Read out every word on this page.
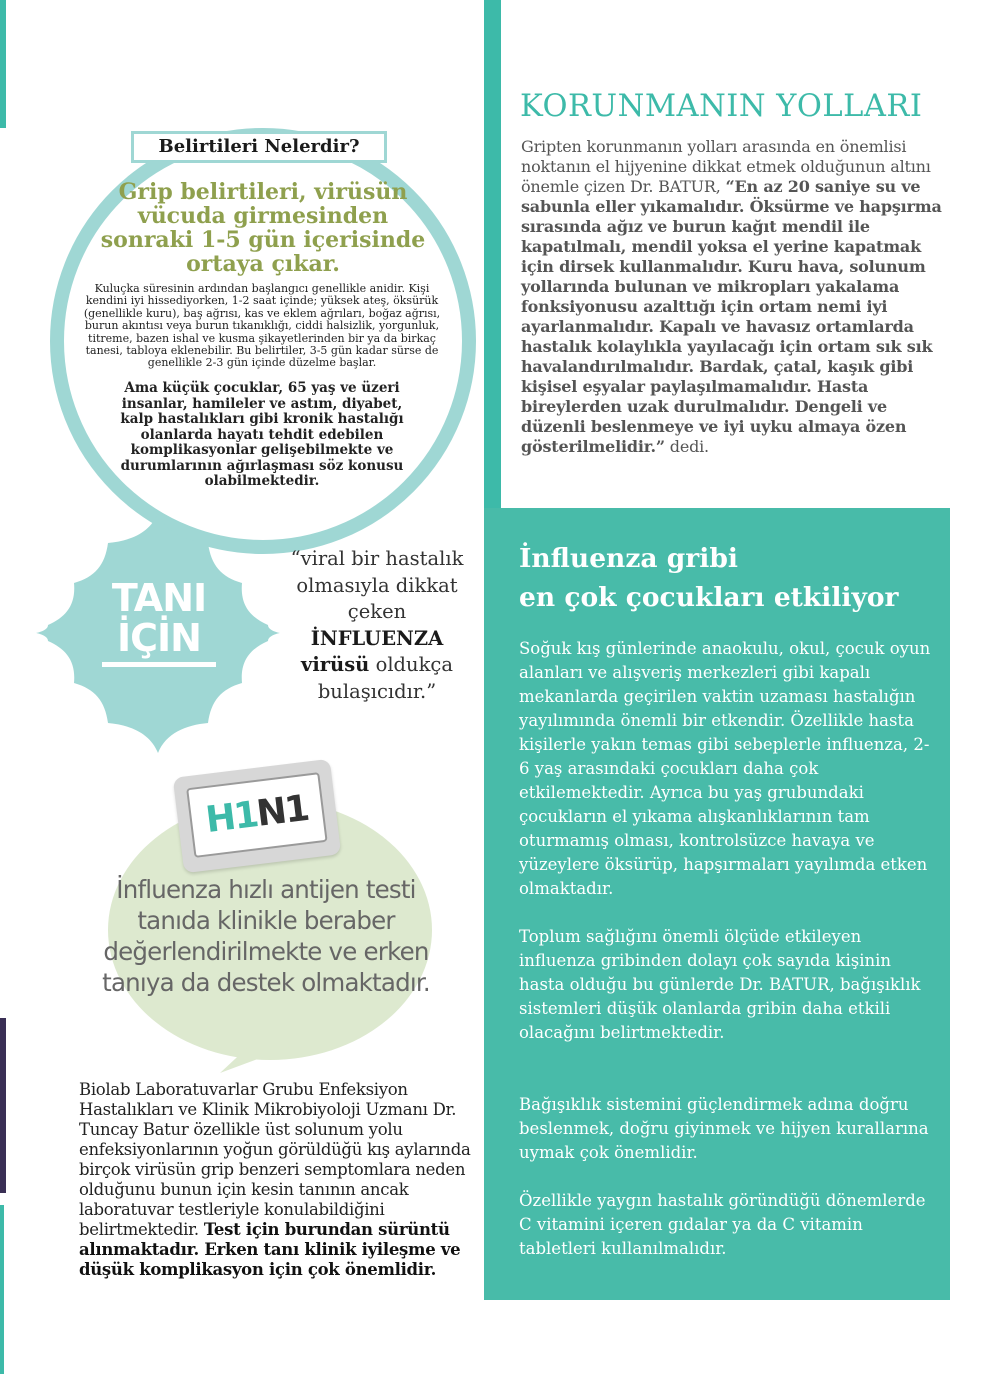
Belirtileri Nelerdir?
Grip belirtileri, virüsün vücuda girmesinden sonraki 1-5 gün içerisinde ortaya çıkar.
Kuluçka süresinin ardından başlangıcı genellikle anidir. Kişi kendini iyi hissediyorken, 1-2 saat içinde; yüksek ateş, öksürük (genellikle kuru), baş ağrısı, kas ve eklem ağrıları, boğaz ağrısı, burun akıntısı veya burun tıkanıklığı, ciddi halsizlik, yorgunluk, titreme, bazen ishal ve kusma şikayetlerinden bir ya da birkaç tanesi, tabloya eklenebilir. Bu belirtiler, 3-5 gün kadar sürse de genellikle 2-3 gün içinde düzelme başlar.
Ama küçük çocuklar, 65 yaş ve üzeri insanlar, hamileler ve astım, diyabet, kalp hastalıkları gibi kronik hastalığı olanlarda hayatı tehdit edebilen komplikasyonlar gelişebilmekte ve durumlarının ağırlaşması söz konusu olabilmektedir.
TANI
İÇİN
“viral bir hastalık olmasıyla dikkat çeken İNFLUENZA virüsü oldukça bulaşıcıdır.”
H1N1
İnfluenza hızlı antijen testi tanıda klinikle beraber değerlendirilmekte ve erken tanıya da destek olmaktadır.
Biolab Laboratuvarlar Grubu Enfeksiyon Hastalıkları ve Klinik Mikrobiyoloji Uzmanı Dr. Tuncay Batur özellikle üst solunum yolu enfeksiyonlarının yoğun görüldüğü kış aylarında birçok virüsün grip benzeri semptomlara neden olduğunu bunun için kesin tanının ancak laboratuvar testleriyle konulabildiğini belirtmektedir. Test için burundan sürüntü alınmaktadır. Erken tanı klinik iyileşme ve düşük komplikasyon için çok önemlidir.
KORUNMANIN YOLLARI
Gripten korunmanın yolları arasında en önemlisi noktanın el hijyenine dikkat etmek olduğunun altını önemle çizen Dr. BATUR, “En az 20 saniye su ve sabunla eller yıkamalıdır. Öksürme ve hapşırma sırasında ağız ve burun kağıt mendil ile kapatılmalı, mendil yoksa el yerine kapatmak için dirsek kullanmalıdır. Kuru hava, solunum yollarında bulunan ve mikropları yakalama fonksiyonusu azalttığı için ortam nemi iyi ayarlanmalıdır. Kapalı ve havasız ortamlarda hastalık kolaylıkla yayılacağı için ortam sık sık havalandırılmalıdır. Bardak, çatal, kaşık gibi kişisel eşyalar paylaşılmamalıdır. Hasta bireylerden uzak durulmalıdır. Dengeli ve düzenli beslenmeye ve iyi uyku almaya özen gösterilmelidir.” dedi.
İnfluenza gribi
en çok çocukları etkiliyor
Soğuk kış günlerinde anaokulu, okul, çocuk oyun alanları ve alışveriş merkezleri gibi kapalı mekanlarda geçirilen vaktin uzaması hastalığın yayılımında önemli bir etkendir. Özellikle hasta kişilerle yakın temas gibi sebeplerle influenza, 2-6 yaş arasındaki çocukları daha çok etkilemektedir. Ayrıca bu yaş grubundaki çocukların el yıkama alışkanlıklarının tam oturmamış olması, kontrolsüzce havaya ve yüzeylere öksürüp, hapşırmaları yayılımda etken olmaktadır.
Toplum sağlığını önemli ölçüde etkileyen influenza gribinden dolayı çok sayıda kişinin hasta olduğu bu günlerde Dr. BATUR, bağışıklık sistemleri düşük olanlarda gribin daha etkili olacağını belirtmektedir.
Bağışıklık sistemini güçlendirmek adına doğru beslenmek, doğru giyinmek ve hijyen kurallarına uymak çok önemlidir.
Özellikle yaygın hastalık göründüğü dönemlerde C vitamini içeren gıdalar ya da C vitamin tabletleri kullanılmalıdır.
